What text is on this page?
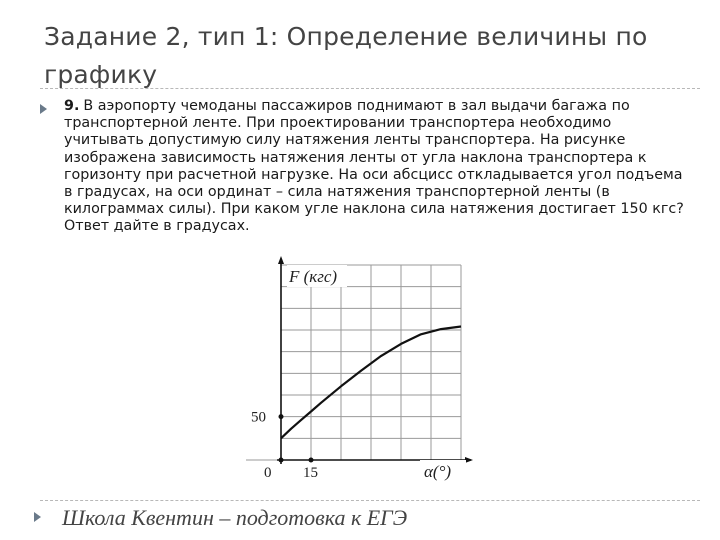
Задание 2, тип 1: Определение величины по графику
9. В аэропорту чемоданы пассажиров поднимают в зал выдачи багажа по транспортерной ленте. При проектировании транспортера необходимо учитывать допустимую силу натяжения ленты транспортера. На рисунке изображена зависимость натяжения ленты от угла наклона транспортера к горизонту при расчетной нагрузке. На оси абсцисс откладывается угол подъема в градусах, на оси ординат – сила натяжения транспортерной ленты (в килограммах силы). При каком угле наклона сила натяжения достигает 150 кгс? Ответ дайте в градусах.
0 15
50
F (кгс)
α(°)
Школа Квентин – подготовка к ЕГЭ
